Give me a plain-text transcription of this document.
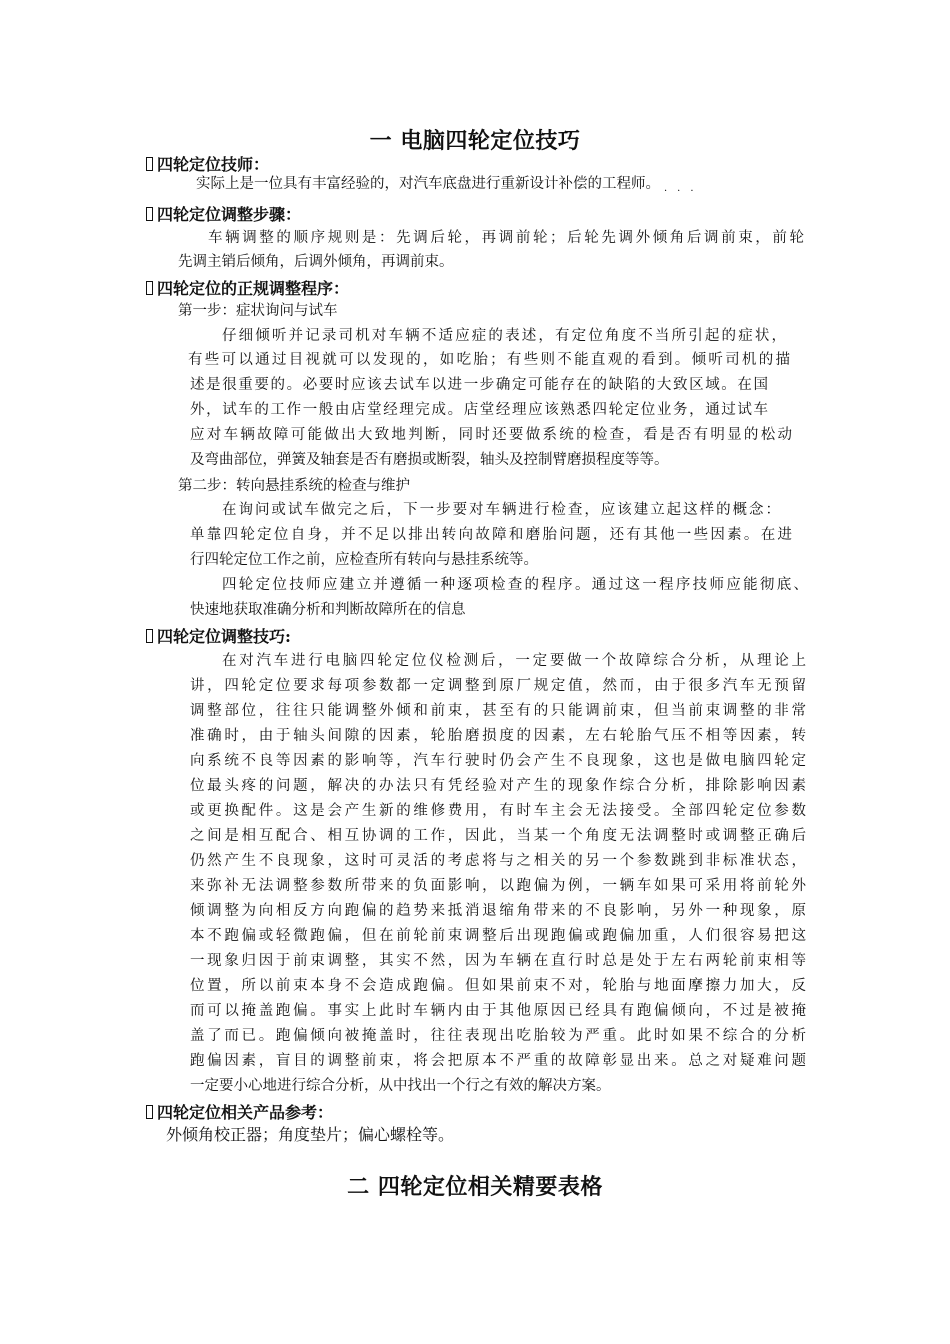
一 电脑四轮定位技巧
四轮定位技师：
实际上是一位具有丰富经验的，对汽车底盘进行重新设计补偿的工程师。 ···
四轮定位调整步骤：
车辆调整的顺序规则是：先调后轮，再调前轮；后轮先调外倾角后调前束，前轮
先调主销后倾角，后调外倾角，再调前束。
四轮定位的正规调整程序：
第一步：症状询问与试车
仔细倾听并记录司机对车辆不适应症的表述，有定位角度不当所引起的症状，
有些可以通过目视就可以发现的，如吃胎；有些则不能直观的看到。倾听司机的描
述是很重要的。必要时应该去试车以进一步确定可能存在的缺陷的大致区域。在国
外，试车的工作一般由店堂经理完成。店堂经理应该熟悉四轮定位业务，通过试车
应对车辆故障可能做出大致地判断，同时还要做系统的检查，看是否有明显的松动
及弯曲部位，弹簧及轴套是否有磨损或断裂，轴头及控制臂磨损程度等等。
第二步：转向悬挂系统的检查与维护
在询问或试车做完之后，下一步要对车辆进行检查，应该建立起这样的概念：
单靠四轮定位自身，并不足以排出转向故障和磨胎问题，还有其他一些因素。在进
行四轮定位工作之前，应检查所有转向与悬挂系统等。
四轮定位技师应建立并遵循一种逐项检查的程序。通过这一程序技师应能彻底、
快速地获取准确分析和判断故障所在的信息
四轮定位调整技巧:
在对汽车进行电脑四轮定位仪检测后，一定要做一个故障综合分析，从理论上
讲，四轮定位要求每项参数都一定调整到原厂规定值，然而，由于很多汽车无预留
调整部位，往往只能调整外倾和前束，甚至有的只能调前束，但当前束调整的非常
准确时，由于轴头间隙的因素，轮胎磨损度的因素，左右轮胎气压不相等因素，转
向系统不良等因素的影响等，汽车行驶时仍会产生不良现象，这也是做电脑四轮定
位最头疼的问题，解决的办法只有凭经验对产生的现象作综合分析，排除影响因素
或更换配件。这是会产生新的维修费用，有时车主会无法接受。全部四轮定位参数
之间是相互配合、相互协调的工作，因此，当某一个角度无法调整时或调整正确后
仍然产生不良现象，这时可灵活的考虑将与之相关的另一个参数跳到非标准状态，
来弥补无法调整参数所带来的负面影响，以跑偏为例，一辆车如果可采用将前轮外
倾调整为向相反方向跑偏的趋势来抵消退缩角带来的不良影响，另外一种现象，原
本不跑偏或轻微跑偏，但在前轮前束调整后出现跑偏或跑偏加重，人们很容易把这
一现象归因于前束调整，其实不然，因为车辆在直行时总是处于左右两轮前束相等
位置，所以前束本身不会造成跑偏。但如果前束不对，轮胎与地面摩擦力加大，反
而可以掩盖跑偏。事实上此时车辆内由于其他原因已经具有跑偏倾向，不过是被掩
盖了而已。跑偏倾向被掩盖时，往往表现出吃胎较为严重。此时如果不综合的分析
跑偏因素，盲目的调整前束，将会把原本不严重的故障彰显出来。总之对疑难问题
一定要小心地进行综合分析，从中找出一个行之有效的解决方案。
四轮定位相关产品参考：
外倾角校正器；角度垫片；偏心螺栓等。
二 四轮定位相关精要表格
